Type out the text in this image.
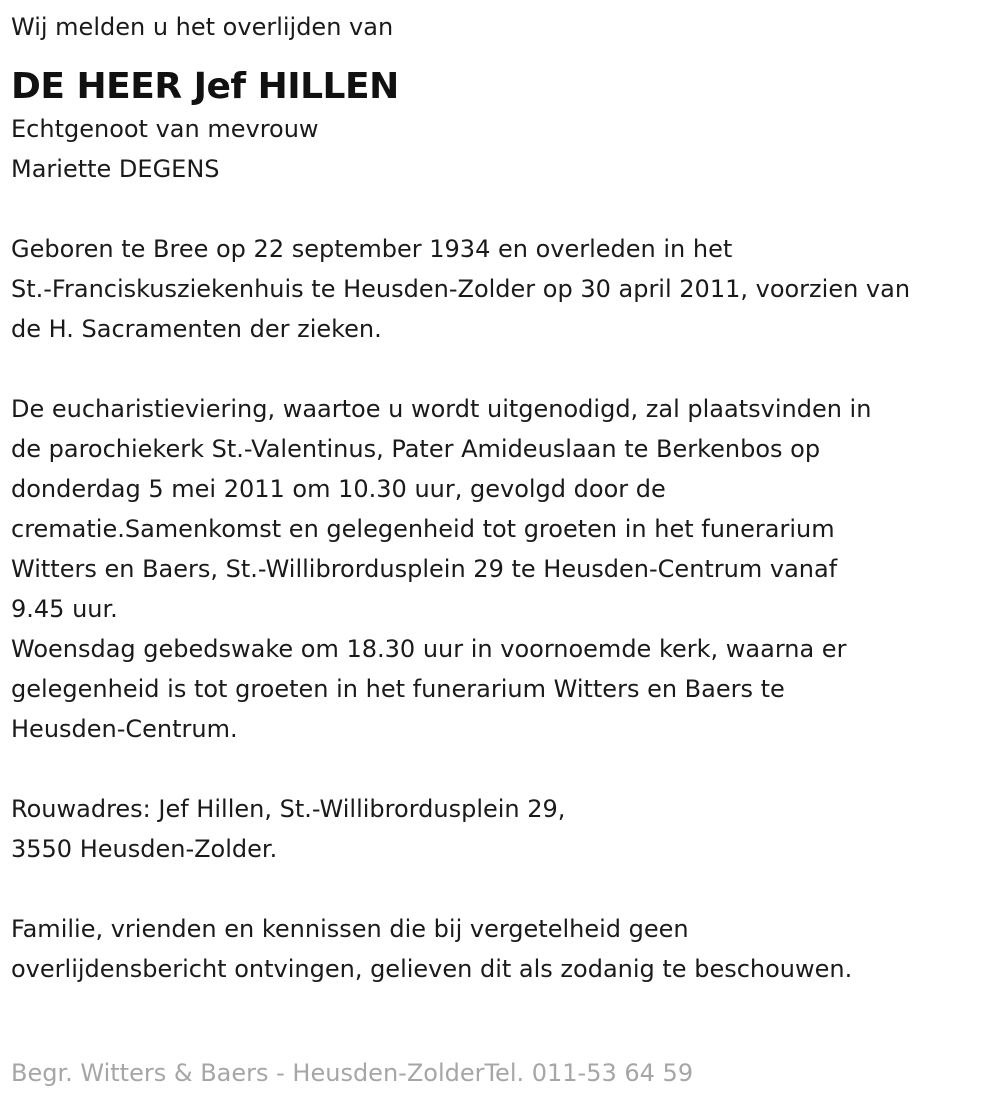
Wij melden u het overlijden van
DE HEER Jef HILLEN
Echtgenoot van mevrouw
Mariette DEGENS
Geboren te Bree op 22 september 1934 en overleden in het
St.-Franciskusziekenhuis te Heusden-Zolder op 30 april 2011, voorzien van
de H. Sacramenten der zieken.
De eucharistieviering, waartoe u wordt uitgenodigd, zal plaatsvinden in
de parochiekerk St.-Valentinus, Pater Amideuslaan te Berkenbos op
donderdag 5 mei 2011 om 10.30 uur, gevolgd door de
crematie.Samenkomst en gelegenheid tot groeten in het funerarium
Witters en Baers, St.-Willibrordusplein 29 te Heusden-Centrum vanaf
9.45 uur.
Woensdag gebedswake om 18.30 uur in voornoemde kerk, waarna er
gelegenheid is tot groeten in het funerarium Witters en Baers te
Heusden-Centrum.
Rouwadres: Jef Hillen, St.-Willibrordusplein 29,
3550 Heusden-Zolder.
Familie, vrienden en kennissen die bij vergetelheid geen
overlijdensbericht ontvingen, gelieven dit als zodanig te beschouwen.
Begr. Witters & Baers - Heusden-ZolderTel. 011-53 64 59
